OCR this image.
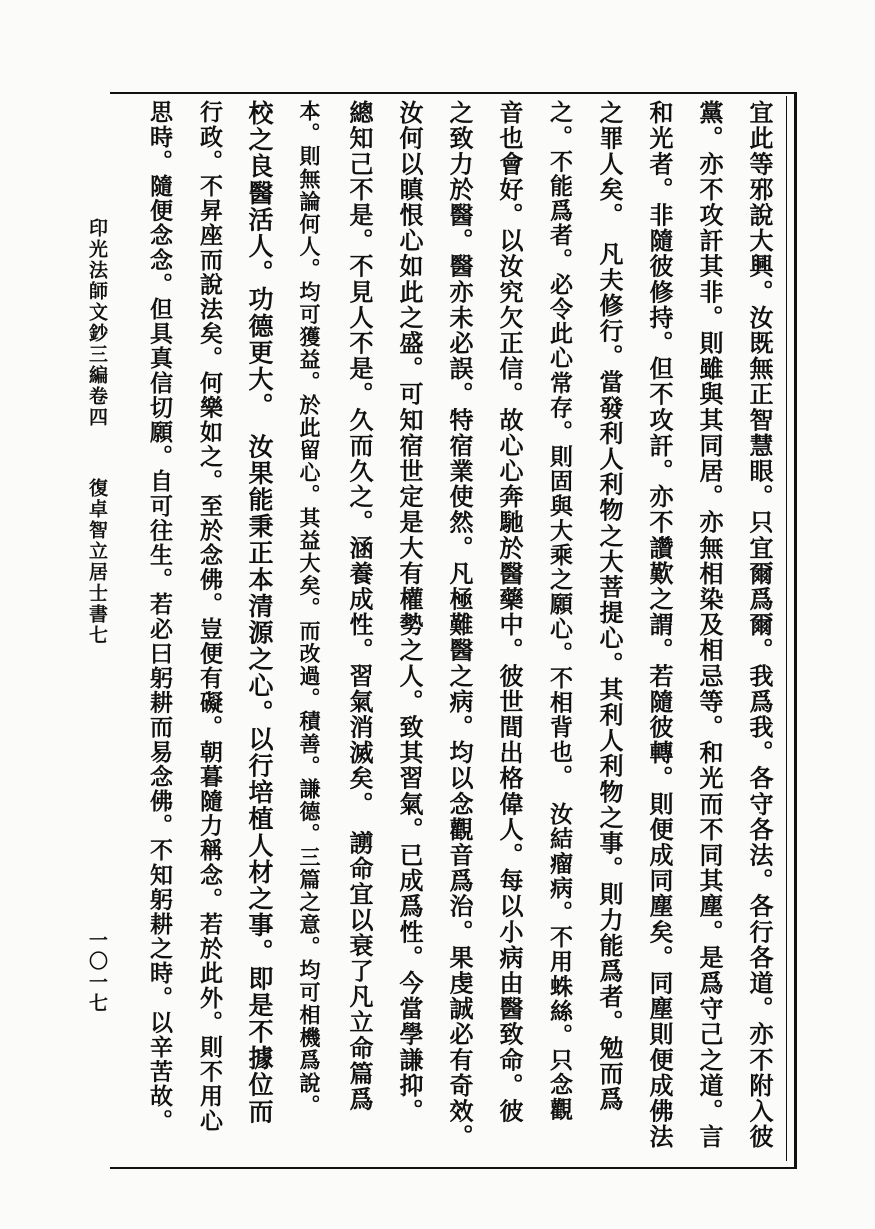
印光法師文鈔三編卷四
復卓智立居士書七
一〇一七	宜此等邪說大興。汝既無正智慧眼。只宜爾爲爾。我爲我。各守各法。各行各道。亦不附入彼
黨。亦不攻訐其非。則雖與其同居。亦無相染及相忌等。和光而不同其塵。是爲守己之道。言
和光者。非隨彼修持。但不攻訐。亦不讚歎之謂。若隨彼轉。則便成同塵矣。同塵則便成佛法
之罪人矣。　凡夫修行。當發利人利物之大菩提心。其利人利物之事。則力能爲者。勉而爲
之。不能爲者。必令此心常存。則固與大乘之願心。不相背也。　汝結瘤病。不用蛛絲。只念觀
音也會好。以汝究欠正信。故心心奔馳於醫藥中。彼世間出格偉人。每以小病由醫致命。彼
之致力於醫。醫亦未必誤。特宿業使然。凡極難醫之病。均以念觀音爲治。果虔誠必有奇效。
汝何以瞋恨心如此之盛。可知宿世定是大有權勢之人。致其習氣。已成爲性。今當學謙抑。
總知己不是。不見人不是。久而久之。涵養成性。習氣消滅矣。　謭命宜以衰了凡立命篇爲
本。則無論何人。均可獲益。於此留心。其益大矣。而改過。積善。謙德。三篇之意。均可相機爲說。
校之良醫活人。功德更大。　汝果能秉正本清源之心。以行培植人材之事。即是不據位而
行政。不昇座而說法矣。何樂如之。至於念佛。豈便有礙。朝暮隨力稱念。若於此外。則不用心
思時。隨便念念。但具真信切願。自可往生。若必曰躬耕而易念佛。不知躬耕之時。以辛苦故。
